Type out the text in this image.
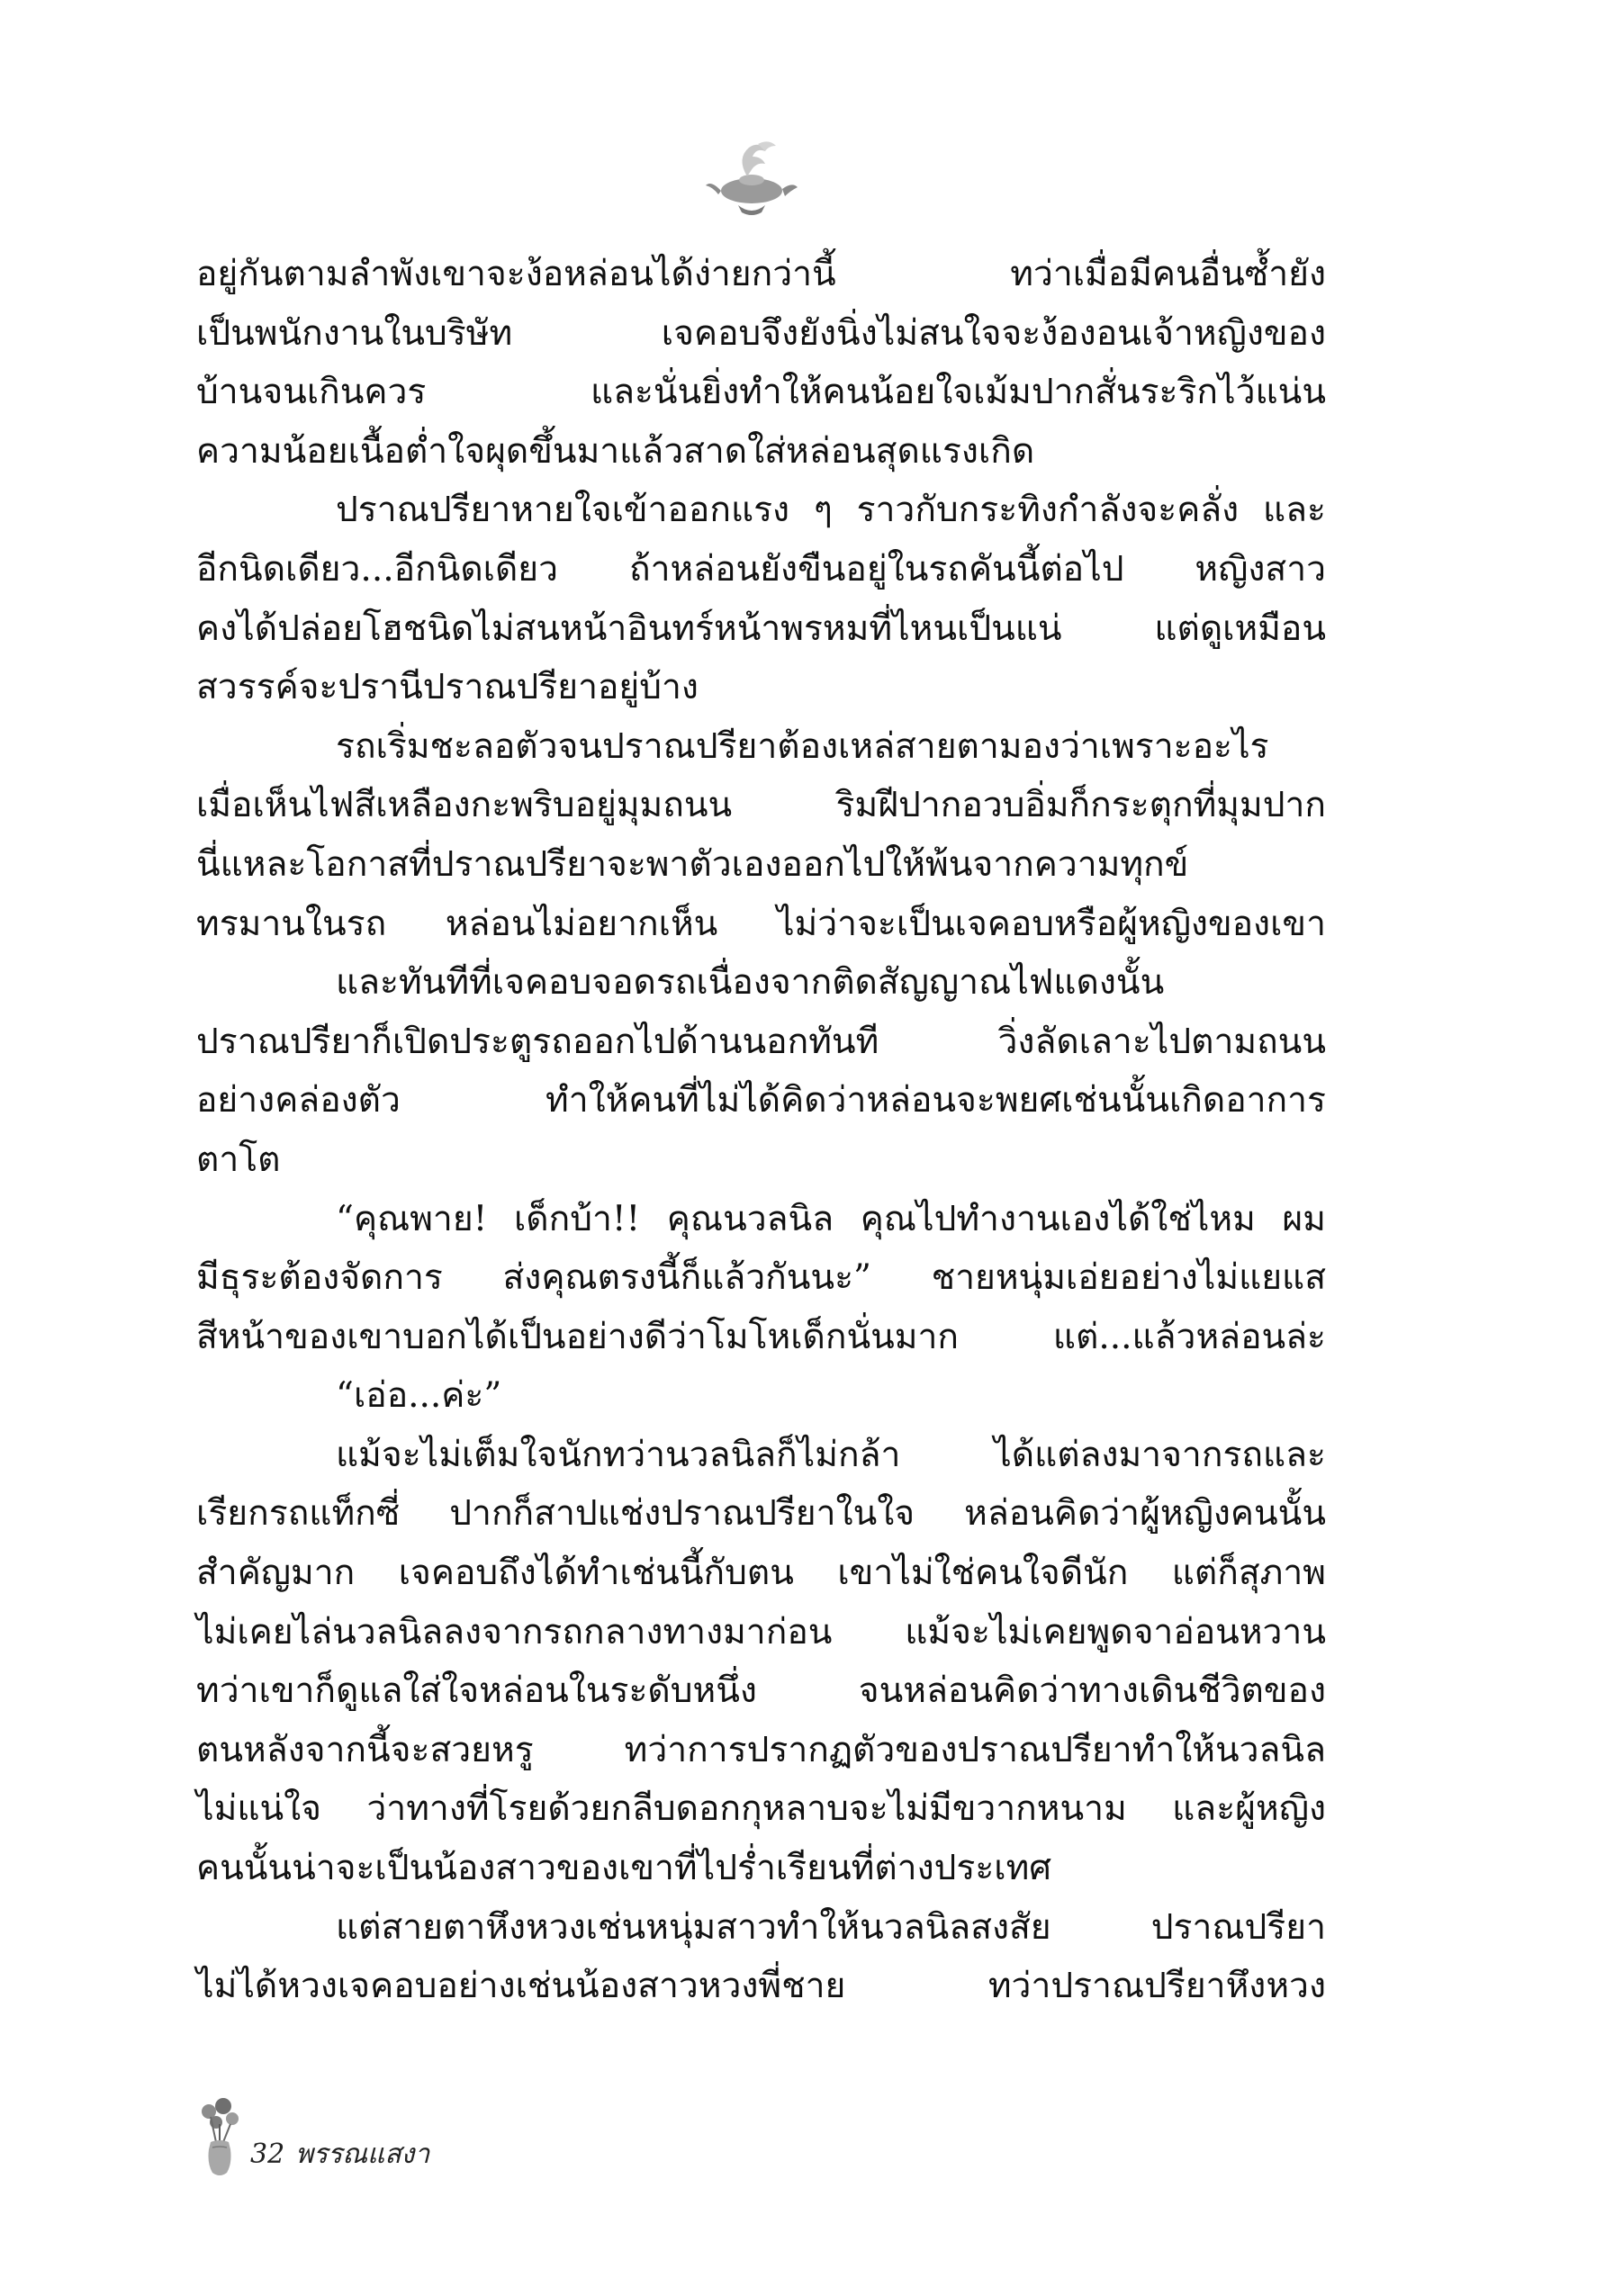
อยู่กันตามลำพังเขาจะง้อหล่อนได้ง่ายกว่านี้ ทว่าเมื่อมีคนอื่นซ้ำยัง
เป็นพนักงานในบริษัท เจคอบจึงยังนิ่งไม่สนใจจะง้องอนเจ้าหญิงของ
บ้านจนเกินควร และนั่นยิ่งทำให้คนน้อยใจเม้มปากสั่นระริกไว้แน่น
ความน้อยเนื้อต่ำใจผุดขึ้นมาแล้วสาดใส่หล่อนสุดแรงเกิด
ปราณปรียาหายใจเข้าออกแรง ๆ ราวกับกระทิงกำลังจะคลั่ง และ
อีกนิดเดียว...อีกนิดเดียว ถ้าหล่อนยังขืนอยู่ในรถคันนี้ต่อไป หญิงสาว
คงได้ปล่อยโฮชนิดไม่สนหน้าอินทร์หน้าพรหมที่ไหนเป็นแน่ แต่ดูเหมือน
สวรรค์จะปรานีปราณปรียาอยู่บ้าง
รถเริ่มชะลอตัวจนปราณปรียาต้องเหล่สายตามองว่าเพราะอะไร
เมื่อเห็นไฟสีเหลืองกะพริบอยู่มุมถนน ริมฝีปากอวบอิ่มก็กระตุกที่มุมปาก
นี่แหละโอกาสที่ปราณปรียาจะพาตัวเองออกไปให้พ้นจากความทุกข์
ทรมานในรถ หล่อนไม่อยากเห็น ไม่ว่าจะเป็นเจคอบหรือผู้หญิงของเขา
และทันทีที่เจคอบจอดรถเนื่องจากติดสัญญาณไฟแดงนั้น
ปราณปรียาก็เปิดประตูรถออกไปด้านนอกทันที วิ่งลัดเลาะไปตามถนน
อย่างคล่องตัว ทำให้คนที่ไม่ได้คิดว่าหล่อนจะพยศเช่นนั้นเกิดอาการ
ตาโต
“คุณพาย! เด็กบ้า!! คุณนวลนิล คุณไปทำงานเองได้ใช่ไหม ผม
มีธุระต้องจัดการ ส่งคุณตรงนี้ก็แล้วกันนะ” ชายหนุ่มเอ่ยอย่างไม่แยแส
สีหน้าของเขาบอกได้เป็นอย่างดีว่าโมโหเด็กนั่นมาก แต่...แล้วหล่อนล่ะ
“เอ่อ...ค่ะ”
แม้จะไม่เต็มใจนักทว่านวลนิลก็ไม่กล้า ได้แต่ลงมาจากรถและ
เรียกรถแท็กซี่ ปากก็สาปแช่งปราณปรียาในใจ หล่อนคิดว่าผู้หญิงคนนั้น
สำคัญมาก เจคอบถึงได้ทำเช่นนี้กับตน เขาไม่ใช่คนใจดีนัก แต่ก็สุภาพ
ไม่เคยไล่นวลนิลลงจากรถกลางทางมาก่อน แม้จะไม่เคยพูดจาอ่อนหวาน
ทว่าเขาก็ดูแลใส่ใจหล่อนในระดับหนึ่ง จนหล่อนคิดว่าทางเดินชีวิตของ
ตนหลังจากนี้จะสวยหรู ทว่าการปรากฏตัวของปราณปรียาทำให้นวลนิล
ไม่แน่ใจ ว่าทางที่โรยด้วยกลีบดอกกุหลาบจะไม่มีขวากหนาม และผู้หญิง
คนนั้นน่าจะเป็นน้องสาวของเขาที่ไปร่ำเรียนที่ต่างประเทศ
แต่สายตาหึงหวงเช่นหนุ่มสาวทำให้นวลนิลสงสัย ปราณปรียา
ไม่ได้หวงเจคอบอย่างเช่นน้องสาวหวงพี่ชาย ทว่าปราณปรียาหึงหวง
32 พรรณแสงา
